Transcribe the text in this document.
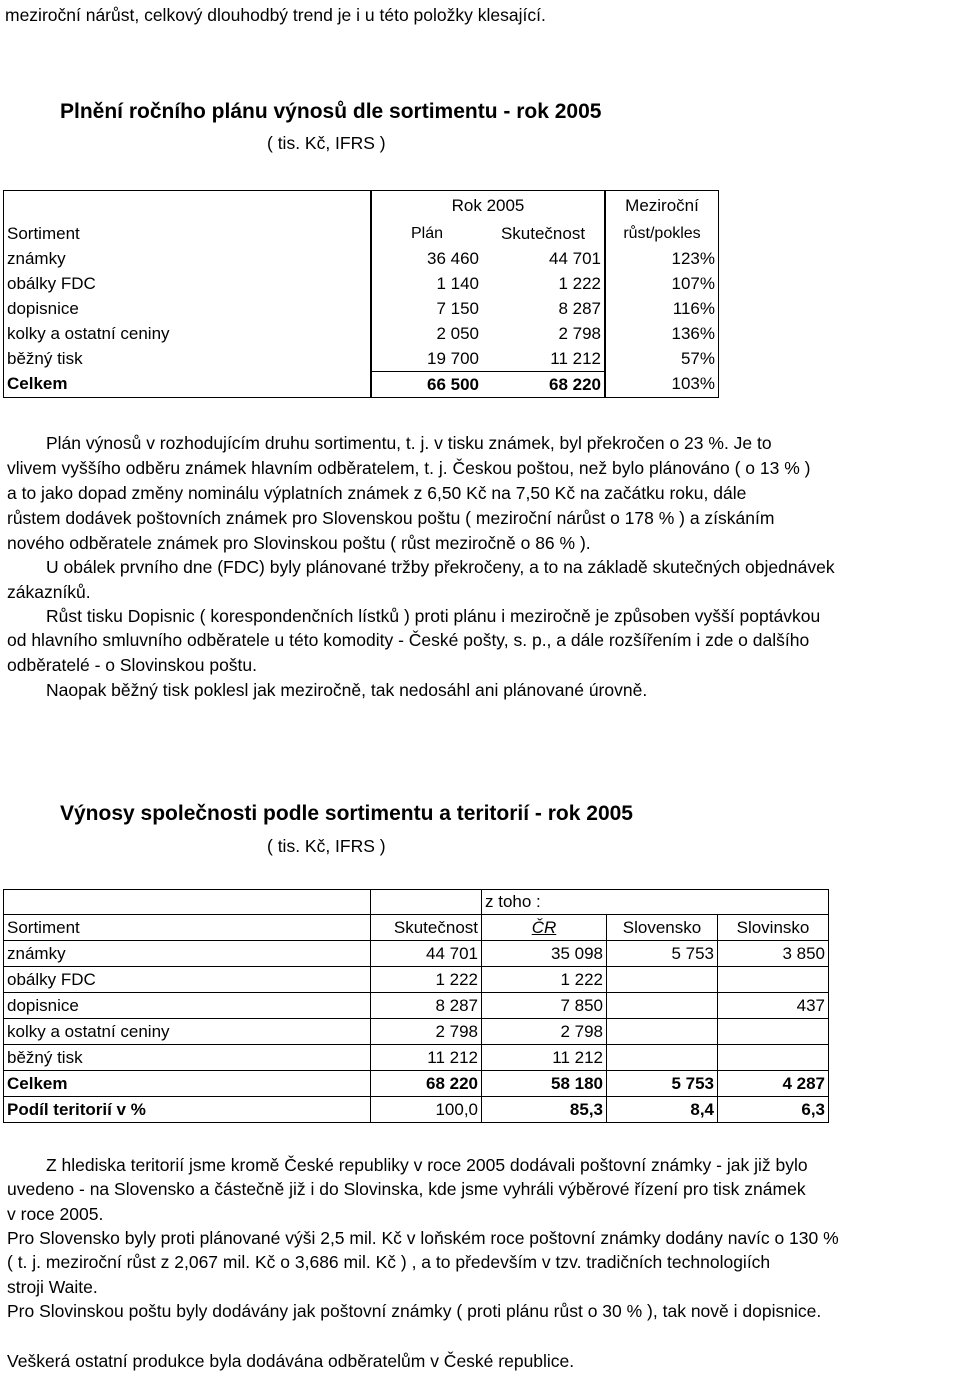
meziroční nárůst, celkový dlouhodbý trend je i u této položky klesající.
Plnění ročního plánu výnosů dle sortimentu - rok 2005
( tis. Kč, IFRS )
	Rok 2005		Meziroční
Sortiment	Plán	Skutečnost	růst/pokles
známky	36 460	44 701	123%
obálky FDC	1 140	1 222	107%
dopisnice	7 150	8 287	116%
kolky a ostatní ceniny	2 050	2 798	136%
běžný tisk	19 700	11 212	57%
Celkem	66 500	68 220	103%
Plán výnosů v rozhodujícím druhu sortimentu, t. j. v tisku známek, byl překročen o 23 %. Je to
vlivem vyššího odběru známek hlavním odběratelem, t. j. Českou poštou, než bylo plánováno ( o 13 % )
a to jako dopad změny nominálu výplatních známek z 6,50 Kč na 7,50 Kč na začátku roku, dále
růstem dodávek poštovních známek pro Slovenskou poštu ( meziroční nárůst o 178 % ) a získáním
nového odběratele známek pro Slovinskou poštu ( růst meziročně o 86 % ).
U obálek prvního dne (FDC) byly plánované tržby překročeny, a to na základě skutečných objednávek
zákazníků.
Růst tisku Dopisnic ( korespondenčních lístků ) proti plánu i meziročně je způsoben vyšší poptávkou
od hlavního smluvního odběratele u této komodity - České pošty, s. p., a dále rozšířením i zde o dalšího
odběratelé - o Slovinskou poštu.
Naopak běžný tisk poklesl jak meziročně, tak nedosáhl ani plánované úrovně.
Výnosy společnosti podle sortimentu a teritorií - rok 2005
( tis. Kč, IFRS )
		z toho :		
Sortiment	Skutečnost	ČR	Slovensko	Slovinsko
známky	44 701	35 098	5 753	3 850
obálky FDC	1 222	1 222		
dopisnice	8 287	7 850		437
kolky a ostatní ceniny	2 798	2 798		
běžný tisk	11 212	11 212		
Celkem	68 220	58 180	5 753	4 287
Podíl teritorií v %	100,0	85,3	8,4	6,3
Z hlediska teritorií jsme kromě České republiky v roce 2005 dodávali poštovní známky - jak již bylo
uvedeno - na Slovensko a částečně již i do Slovinska, kde jsme vyhráli výběrové řízení pro tisk známek
v roce 2005.
Pro Slovensko byly proti plánované výši 2,5 mil. Kč v loňském roce poštovní známky dodány navíc o 130 %
( t. j. meziroční růst z 2,067 mil. Kč o 3,686 mil. Kč ) , a to především v tzv. tradičních technologiích
stroji Waite.
Pro Slovinskou poštu byly dodávány jak poštovní známky ( proti plánu růst o 30 % ), tak nově i dopisnice.
Veškerá ostatní produkce byla dodávána odběratelům v České republice.
